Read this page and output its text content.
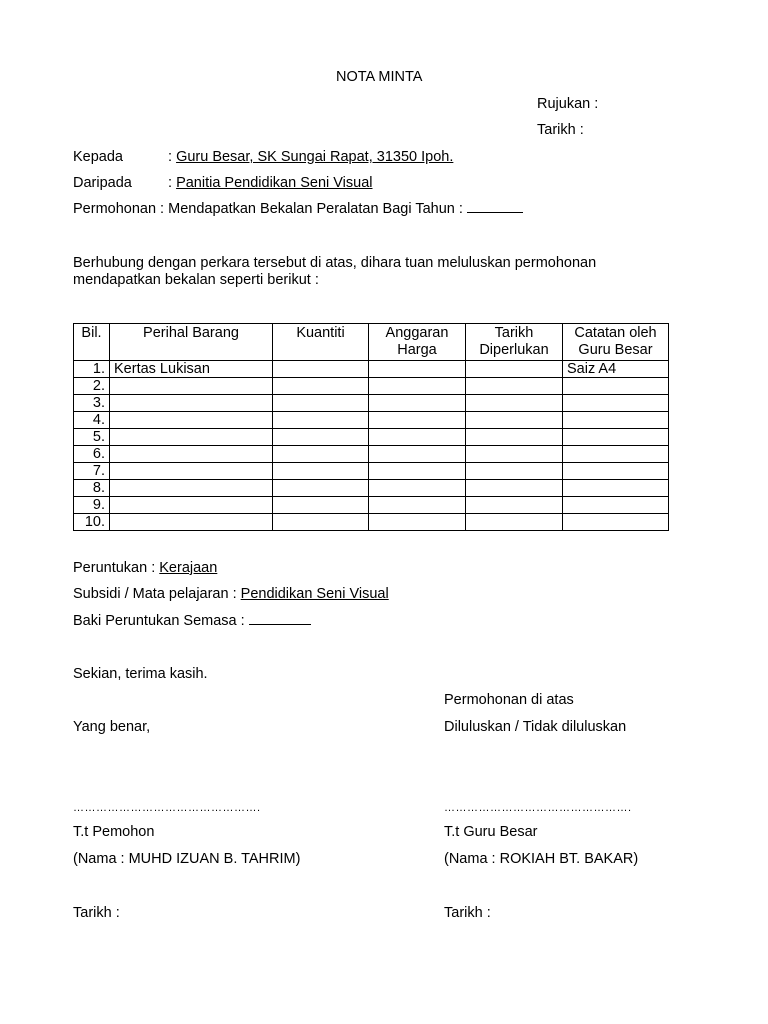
NOTA MINTA
Rujukan :
Tarikh :
Kepada	: Guru Besar, SK Sungai Rapat, 31350 Ipoh.
Daripada : Panitia Pendidikan Seni Visual
Permohonan : Mendapatkan Bekalan Peralatan Bagi Tahun :
Berhubung dengan perkara tersebut di atas, dihara tuan meluluskan permohonan
mendapatkan bekalan seperti berikut :
Bil.	Perihal Barang	Kuantiti	Anggaran Harga	Tarikh Diperlukan	Catatan oleh Guru Besar
1.	Kertas Lukisan				Saiz A4
2.					
3.					
4.					
5.					
6.					
7.					
8.					
9.					
10.					
Peruntukan : Kerajaan
Subsidi / Mata pelajaran : Pendidikan Seni Visual
Baki Peruntukan Semasa :
Sekian, terima kasih.
Permohonan di atas
Yang benar,	Diluluskan / Tidak diluluskan
………………………………………….	………………………………………….
T.t Pemohon	T.t Guru Besar
(Nama : MUHD IZUAN B. TAHRIM)	(Nama : ROKIAH BT. BAKAR)
Tarikh :	Tarikh :
